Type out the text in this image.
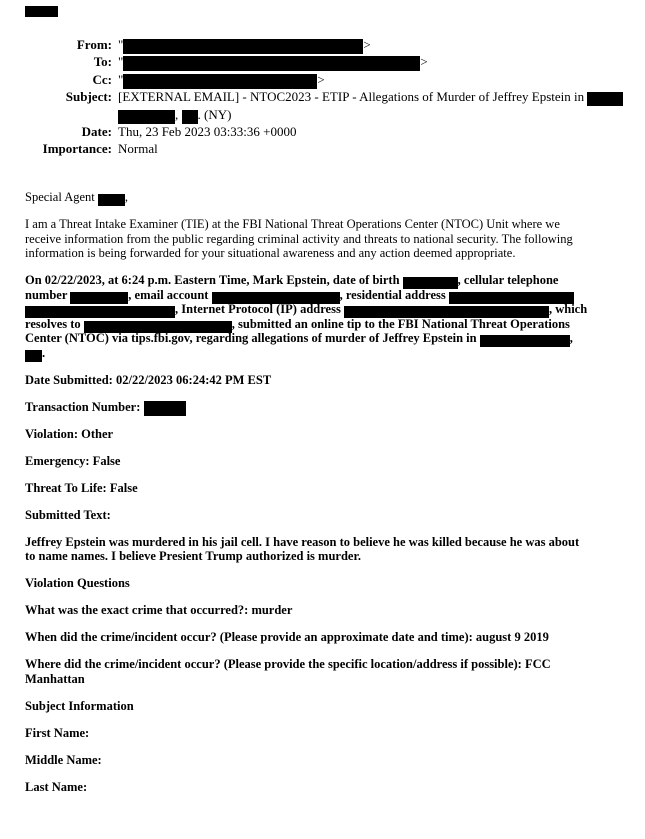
From: "	>
To: "	>
Cc: "	>
Subject: [EXTERNAL EMAIL] - NTOC2023 - ETIP - Allegations of Murder of Jeffrey Epstein in
, . (NY)
Date: Thu, 23 Feb 2023 03:33:36 +0000
Importance: Normal
Special Agent ,
I am a Threat Intake Examiner (TIE) at the FBI National Threat Operations Center (NTOC) Unit where we
receive information from the public regarding criminal activity and threats to national security. The following
information is being forwarded for your situational awareness and any action deemed appropriate.
On 02/22/2023, at 6:24 p.m. Eastern Time, Mark Epstein, date of birth	, cellular telephone
number	, email account	, residential address
, Internet Protocol (IP) address	, which
resolves to	, submitted an online tip to the FBI National Threat Operations
Center (NTOC) via tips.fbi.gov, regarding allegations of murder of Jeffrey Epstein in	,
.
Date Submitted: 02/22/2023 06:24:42 PM EST
Transaction Number:
Violation: Other
Emergency: False
Threat To Life: False
Submitted Text:
Jeffrey Epstein was murdered in his jail cell. I have reason to believe he was killed because he was about
to name names. I believe Presient Trump authorized is murder.
Violation Questions
What was the exact crime that occurred?: murder
When did the crime/incident occur? (Please provide an approximate date and time): august 9 2019
Where did the crime/incident occur? (Please provide the specific location/address if possible): FCC
Manhattan
Subject Information
First Name:
Middle Name:
Last Name:
